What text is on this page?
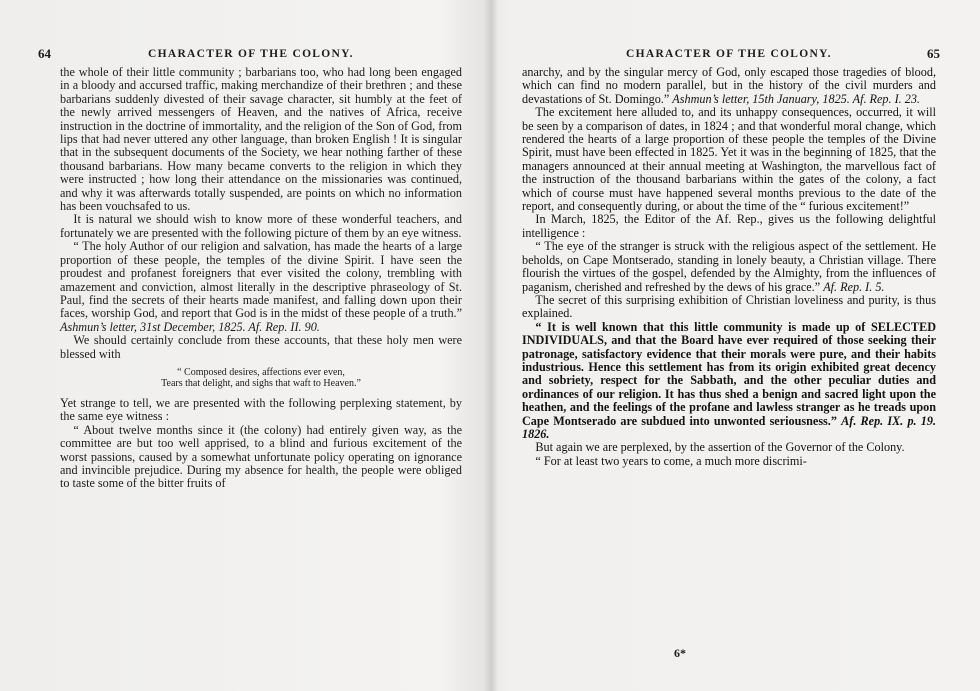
64	CHARACTER OF THE COLONY.

the whole of their little community ; barbarians too, who had long been engaged in a bloody and accursed traffic, making merchandize of their brethren ; and these barbarians suddenly divested of their savage character, sit humbly at the feet of the newly arrived messengers of Heaven, and the natives of Africa, receive instruction in the doctrine of immortality, and the religion of the Son of God, from lips that had never uttered any other language, than broken English ! It is singular that in the subsequent documents of the Society, we hear nothing farther of these thousand barbarians. How many became converts to the religion in which they were instructed ; how long their attendance on the missionaries was continued, and why it was afterwards totally suspended, are points on which no information has been vouchsafed to us.

It is natural we should wish to know more of these wonderful teachers, and fortunately we are presented with the following picture of them by an eye witness.

“ The holy Author of our religion and salvation, has made the hearts of a large proportion of these people, the temples of the divine Spirit. I have seen the proudest and profanest foreigners that ever visited the colony, trembling with amazement and conviction, almost literally in the descriptive phraseology of St. Paul, find the secrets of their hearts made manifest, and falling down upon their faces, worship God, and report that God is in the midst of these people of a truth.” Ashmun’s letter, 31st December, 1825. Af. Rep. II. 90.

We should certainly conclude from these accounts, that these holy men were blessed with

“ Composed desires, affections ever even,
Tears that delight, and sighs that waft to Heaven.”

Yet strange to tell, we are presented with the following perplexing statement, by the same eye witness :

“ About twelve months since it (the colony) had entirely given way, as the committee are but too well apprised, to a blind and furious excitement of the worst passions, caused by a somewhat unfortunate policy operating on ignorance and invincible prejudice. During my absence for health, the people were obliged to taste some of the bitter fruits of

CHARACTER OF THE COLONY.	65

anarchy, and by the singular mercy of God, only escaped those tragedies of blood, which can find no modern parallel, but in the history of the civil murders and devastations of St. Domingo.” Ashmun’s letter, 15th January, 1825. Af. Rep. I. 23.

The excitement here alluded to, and its unhappy consequences, occurred, it will be seen by a comparison of dates, in 1824 ; and that wonderful moral change, which rendered the hearts of a large proportion of these people the temples of the Divine Spirit, must have been effected in 1825. Yet it was in the beginning of 1825, that the managers announced at their annual meeting at Washington, the marvellous fact of the instruction of the thousand barbarians within the gates of the colony, a fact which of course must have happened several months previous to the date of the report, and consequently during, or about the time of the “ furious excitement!”

In March, 1825, the Editor of the Af. Rep., gives us the following delightful intelligence :

“ The eye of the stranger is struck with the religious aspect of the settlement. He beholds, on Cape Montserado, standing in lonely beauty, a Christian village. There flourish the virtues of the gospel, defended by the Almighty, from the influences of paganism, cherished and refreshed by the dews of his grace.” Af. Rep. I. 5.

The secret of this surprising exhibition of Christian loveliness and purity, is thus explained.

“ It is well known that this little community is made up of SELECTED INDIVIDUALS, and that the Board have ever required of those seeking their patronage, satisfactory evidence that their morals were pure, and their habits industrious. Hence this settlement has from its origin exhibited great decency and sobriety, respect for the Sabbath, and the other peculiar duties and ordinances of our religion. It has thus shed a benign and sacred light upon the heathen, and the feelings of the profane and lawless stranger as he treads upon Cape Montserado are subdued into unwonted seriousness.” Af. Rep. IX. p. 19. 1826.

But again we are perplexed, by the assertion of the Governor of the Colony.

“ For at least two years to come, a much more discrimi-

6*
